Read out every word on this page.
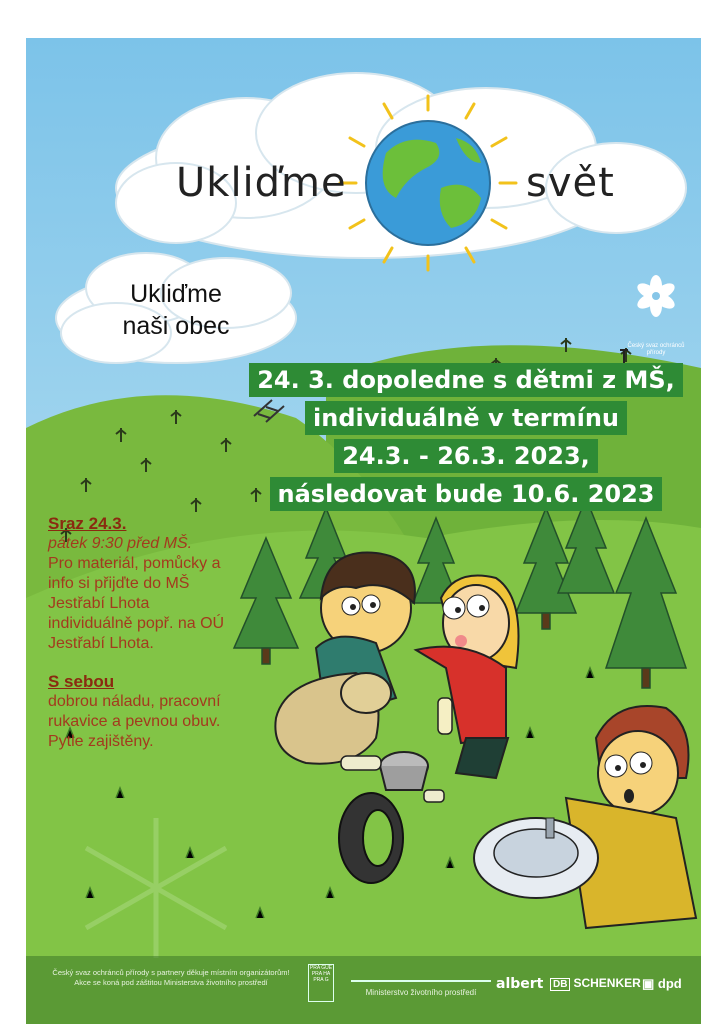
Ukliďme	svět
Ukliďme
naši obec
Český svaz ochránců přírody
24. 3. dopoledne s dětmi z MŠ,
individuálně v termínu
24.3. - 26.3. 2023,
následovat bude 10.6. 2023
Sraz 24.3.
pátek 9:30 před MŠ.
Pro materiál, pomůcky a info si přijďte do MŠ Jestřabí Lhota individuálně popř. na OÚ Jestřabí Lhota.
S sebou
dobrou náladu, pracovní rukavice a pevnou obuv. Pytle zajištěny.
Český svaz ochránců přírody s partnery děkuje místním organizátorům!
Akce se koná pod záštitou Ministerstva životního prostředí
PRA GUE PRA HA PRA G
Ministerstvo životního prostředí
albert DB SCHENKER ▣ dpd
